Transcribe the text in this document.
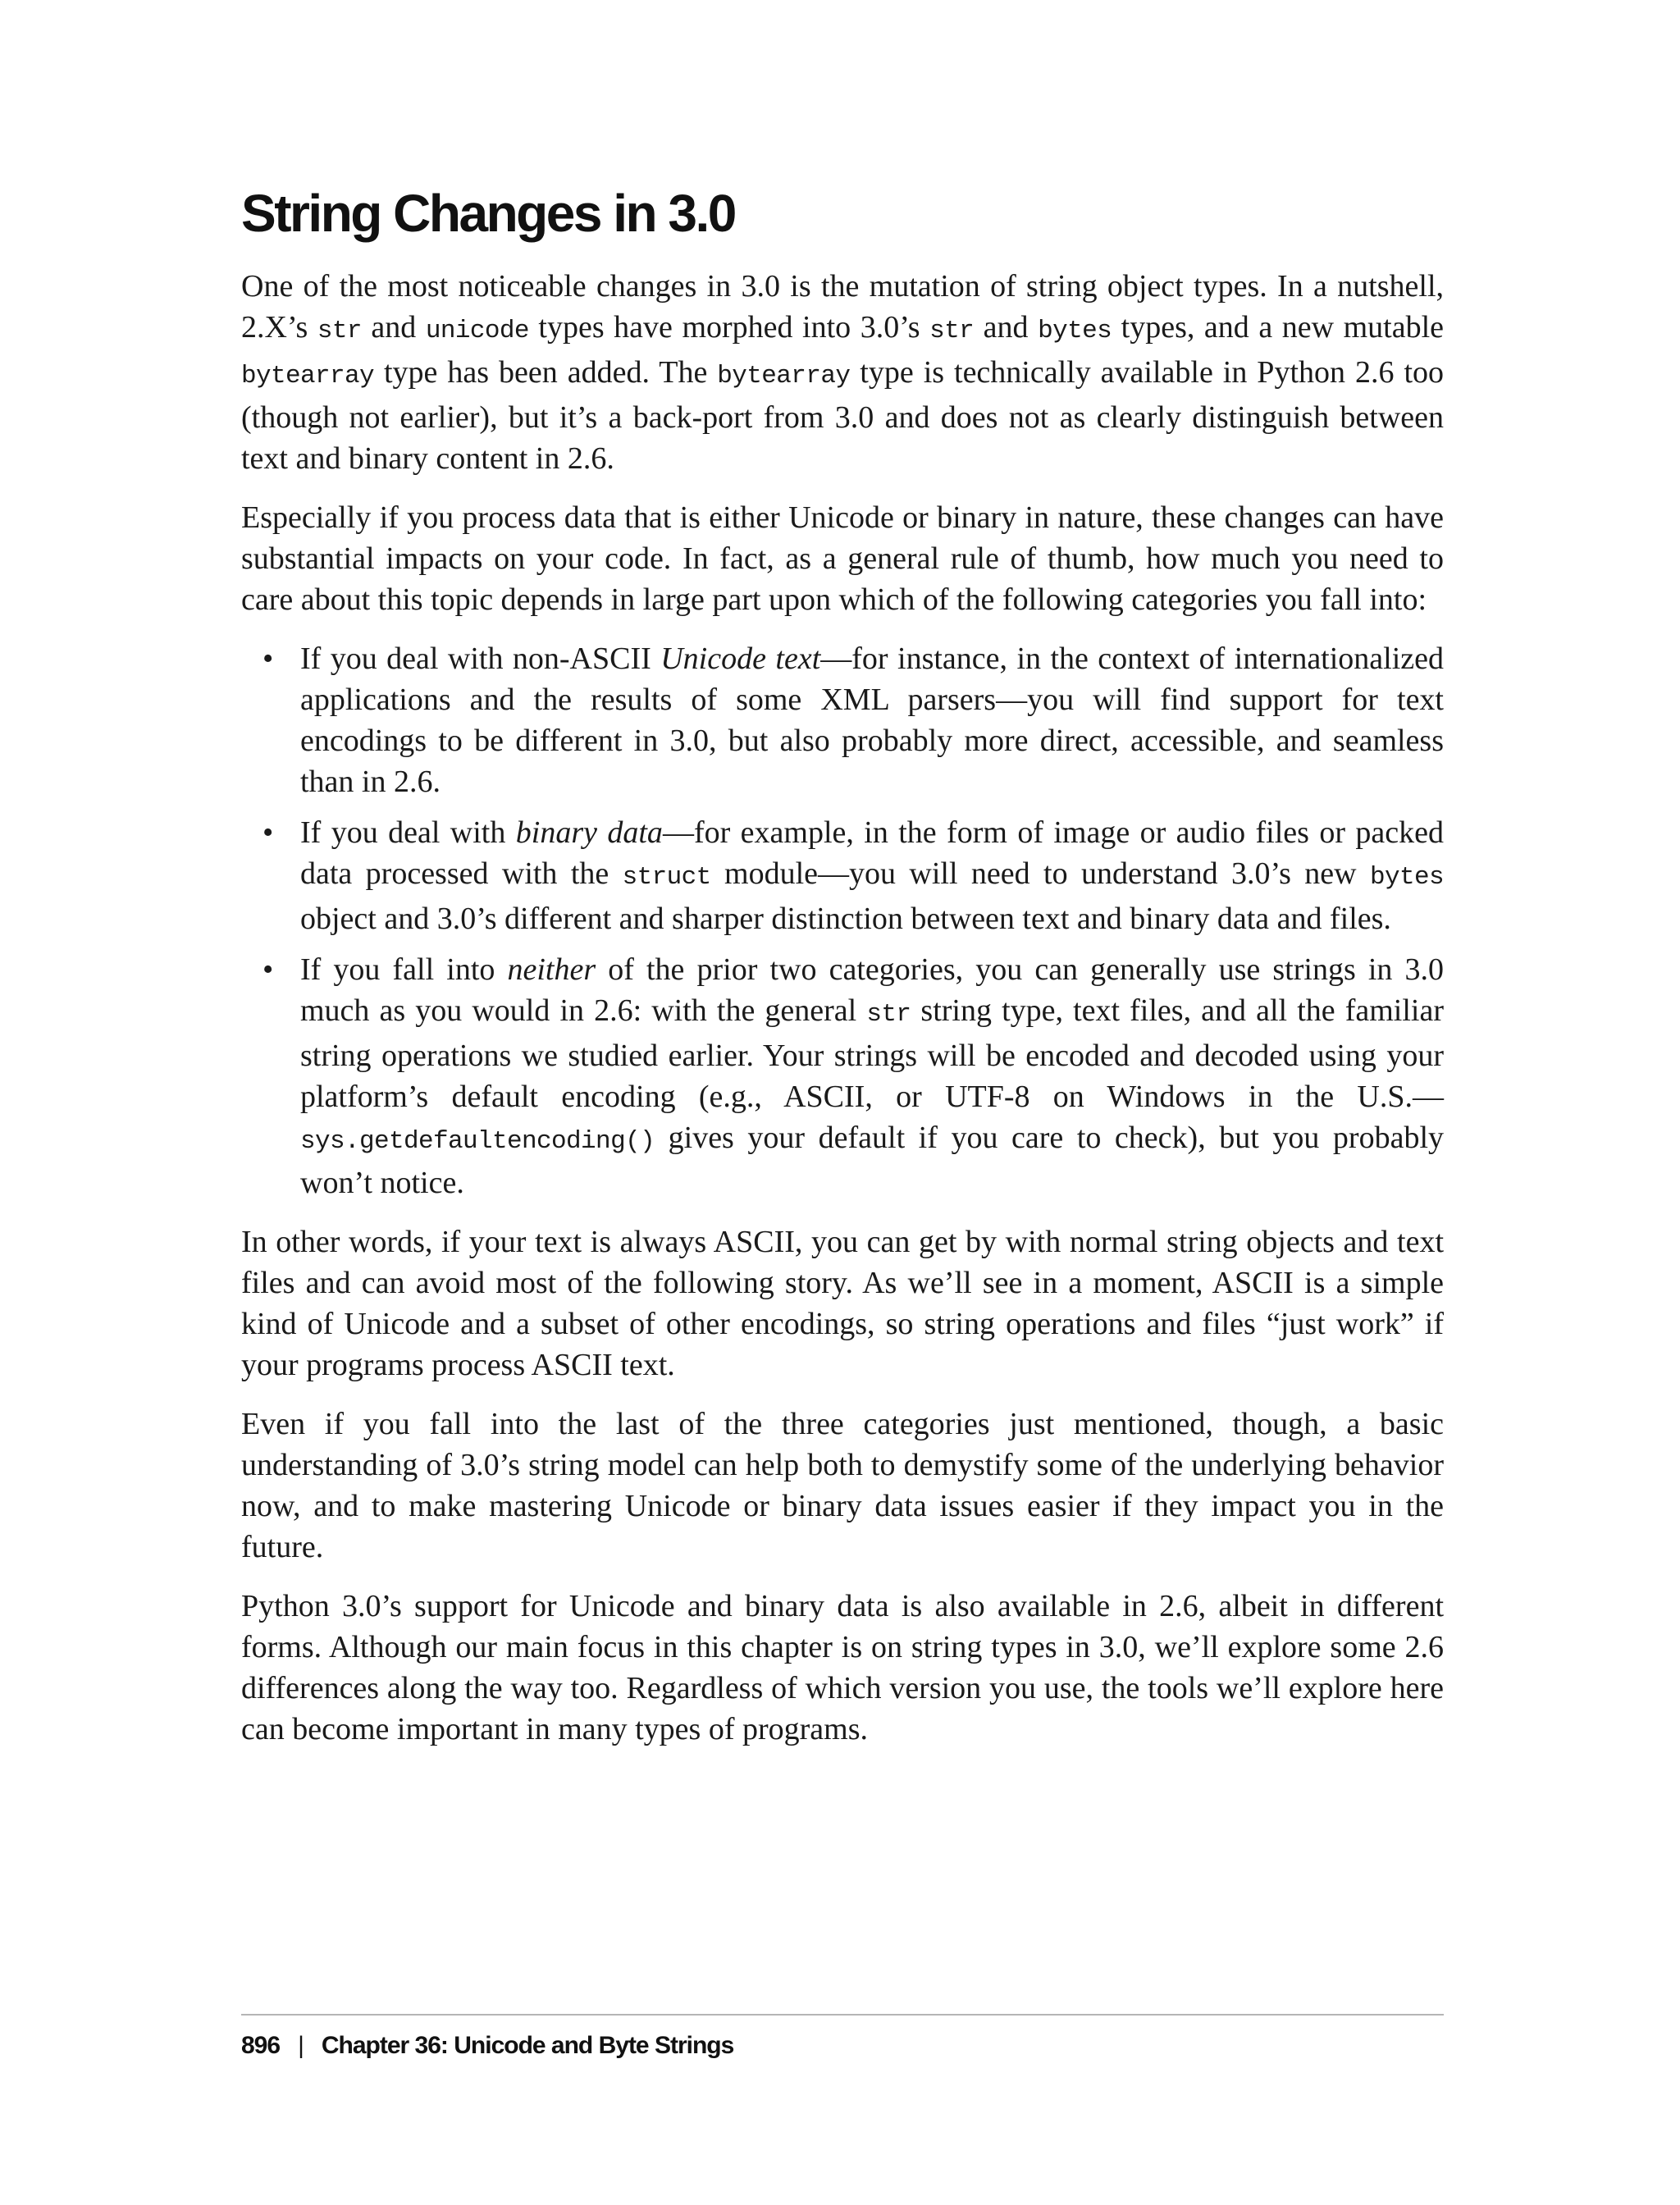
String Changes in 3.0

One of the most noticeable changes in 3.0 is the mutation of string object types. In a nutshell, 2.X’s str and unicode types have morphed into 3.0’s str and bytes types, and a new mutable bytearray type has been added. The bytearray type is technically available in Python 2.6 too (though not earlier), but it’s a back-port from 3.0 and does not as clearly distinguish between text and binary content in 2.6.

Especially if you process data that is either Unicode or binary in nature, these changes can have substantial impacts on your code. In fact, as a general rule of thumb, how much you need to care about this topic depends in large part upon which of the following categories you fall into:

• If you deal with non-ASCII Unicode text—for instance, in the context of internationalized applications and the results of some XML parsers—you will find support for text encodings to be different in 3.0, but also probably more direct, accessible, and seamless than in 2.6.
• If you deal with binary data—for example, in the form of image or audio files or packed data processed with the struct module—you will need to understand 3.0’s new bytes object and 3.0’s different and sharper distinction between text and binary data and files.
• If you fall into neither of the prior two categories, you can generally use strings in 3.0 much as you would in 2.6: with the general str string type, text files, and all the familiar string operations we studied earlier. Your strings will be encoded and decoded using your platform’s default encoding (e.g., ASCII, or UTF-8 on Windows in the U.S.—sys.getdefaultencoding() gives your default if you care to check), but you probably won’t notice.

In other words, if your text is always ASCII, you can get by with normal string objects and text files and can avoid most of the following story. As we’ll see in a moment, ASCII is a simple kind of Unicode and a subset of other encodings, so string operations and files “just work” if your programs process ASCII text.

Even if you fall into the last of the three categories just mentioned, though, a basic understanding of 3.0’s string model can help both to demystify some of the underlying behavior now, and to make mastering Unicode or binary data issues easier if they impact you in the future.

Python 3.0’s support for Unicode and binary data is also available in 2.6, albeit in different forms. Although our main focus in this chapter is on string types in 3.0, we’ll explore some 2.6 differences along the way too. Regardless of which version you use, the tools we’ll explore here can become important in many types of programs.

896 | Chapter 36: Unicode and Byte Strings
